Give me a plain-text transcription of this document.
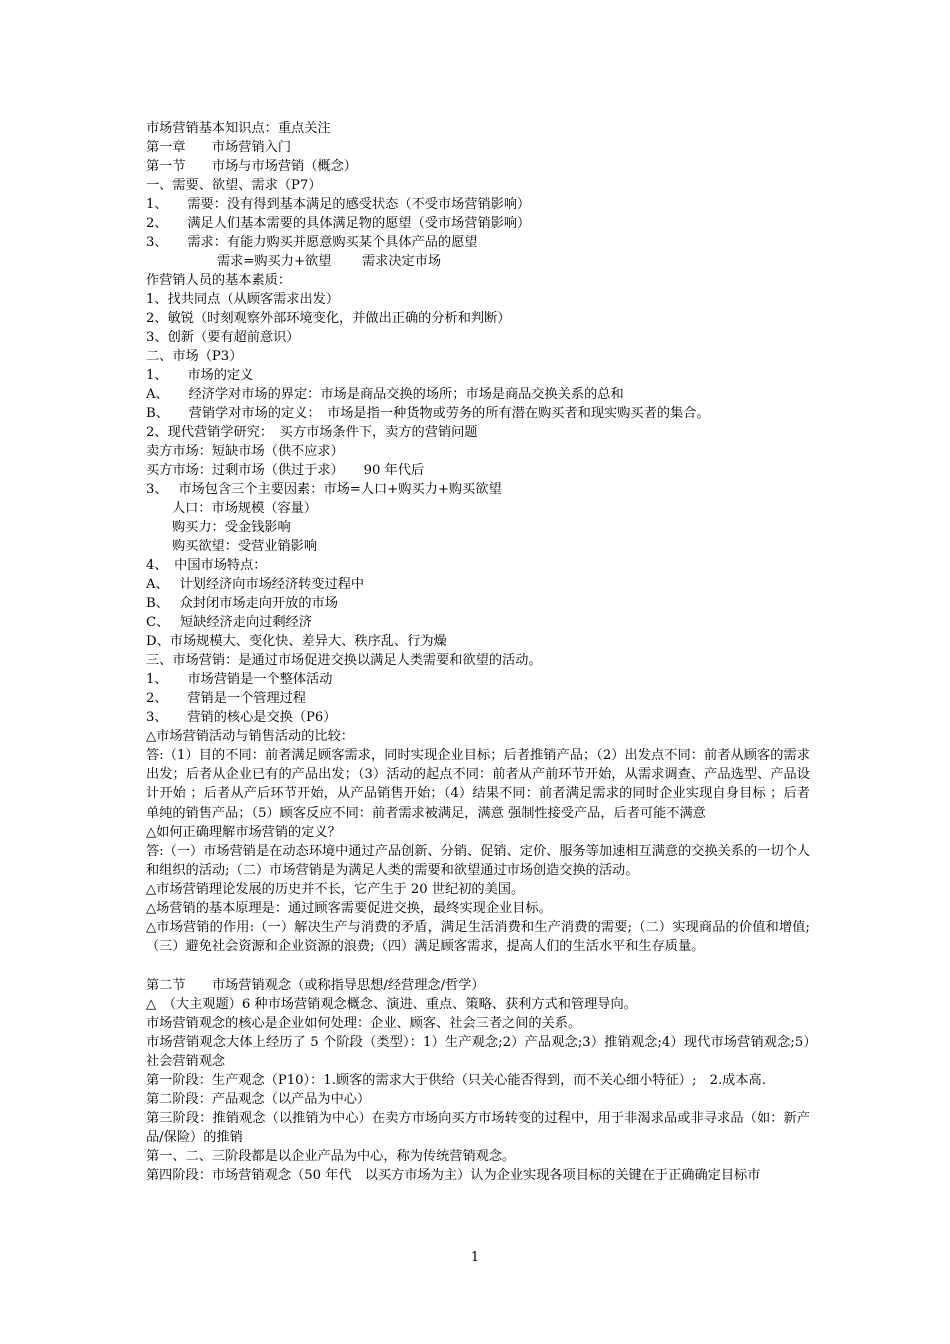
市场营销基本知识点：重点关注
第一章　　市场营销入门
第一节　　市场与市场营销（概念）
一、需要、欲望、需求（P7）
1、　　需要：没有得到基本满足的感受状态（不受市场营销影响）
2、　　满足人们基本需要的具体满足物的愿望（受市场营销影响）
3、　　需求：有能力购买并愿意购买某个具体产品的愿望
需求=购买力+欲望　　 需求决定市场
作营销人员的基本素质：
1、找共同点（从顾客需求出发）
2、敏锐（时刻观察外部环境变化，并做出正确的分析和判断）
3、创新（要有超前意识）
二、市场（P3）
1、　　市场的定义
A、　　经济学对市场的界定：市场是商品交换的场所；市场是商品交换关系的总和
B、　　营销学对市场的定义：　市场是指一种货物或劳务的所有潜在购买者和现实购买者的集合。
2、现代营销学研究：　买方市场条件下，卖方的营销问题
卖方市场：短缺市场（供不应求）
买方市场：过剩市场（供过于求）　　90 年代后
3、　 市场包含三个主要因素：市场=人口+购买力+购买欲望
人口：市场规模（容量）
购买力：受金钱影响
购买欲望：受营业销影响
4、　中国市场特点：
A、　 计划经济向市场经济转变过程中
B、　 众封闭市场走向开放的市场
C、　 短缺经济走向过剩经济
D、市场规模大、变化快、差异大、秩序乱、行为燥
三、市场营销：是通过市场促进交换以满足人类需要和欲望的活动。
1、　　市场营销是一个整体活动
2、　　营销是一个管理过程
3、　　营销的核心是交换（P6）
△市场营销活动与销售活动的比较：
答:（1）目的不同：前者满足顾客需求，同时实现企业目标；后者推销产品；（2）出发点不同：前者从顾客的需求出发；后者从企业已有的产品出发；（3）活动的起点不同：前者从产前环节开始，从需求调查、产品选型、产品设计开始 ；后者从产后环节开始，从产品销售开始；（4）结果不同：前者满足需求的同时企业实现自身目标 ；后者单纯的销售产品；（5）顾客反应不同：前者需求被满足，满意 强制性接受产品，后者可能不满意
△如何正确理解市场营销的定义？
答:（一）市场营销是在动态环境中通过产品创新、分销、促销、定价、服务等加速相互满意的交换关系的一切个人和组织的活动;（二）市场营销是为满足人类的需要和欲望通过市场创造交换的活动。
△市场营销理论发展的历史并不长，它产生于 20 世纪初的美国。
△场营销的基本原理是：通过顾客需要促进交换，最终实现企业目标。
△市场营销的作用:（一）解决生产与消费的矛盾，满足生活消费和生产消费的需要;（二）实现商品的价值和增值;（三）避免社会资源和企业资源的浪费;（四）满足顾客需求，提高人们的生活水平和生存质量。
第二节　　市场营销观念（或称指导思想/经营理念/哲学）
△　（大主观题）6 种市场营销观念概念、演进、重点、策略、获利方式和管理导向。
市场营销观念的核心是企业如何处理：企业、顾客、社会三者之间的关系。
市场营销观念大体上经历了 5 个阶段（类型）：1）生产观念;2）产品观念;3）推销观念;4）现代市场营销观念;5）　社会营销观念
第一阶段：生产观念（P10）：1.顾客的需求大于供给（只关心能否得到，而不关心细小特征）;　2.成本高.
第二阶段：产品观念（以产品为中心）
第三阶段：推销观念（以推销为中心）在卖方市场向买方市场转变的过程中，用于非渴求品或非寻求品（如：新产品/保险）的推销
第一、二、三阶段都是以企业产品为中心，称为传统营销观念。
第四阶段：市场营销观念（50 年代　以买方市场为主）认为企业实现各项目标的关键在于正确确定目标市
1
